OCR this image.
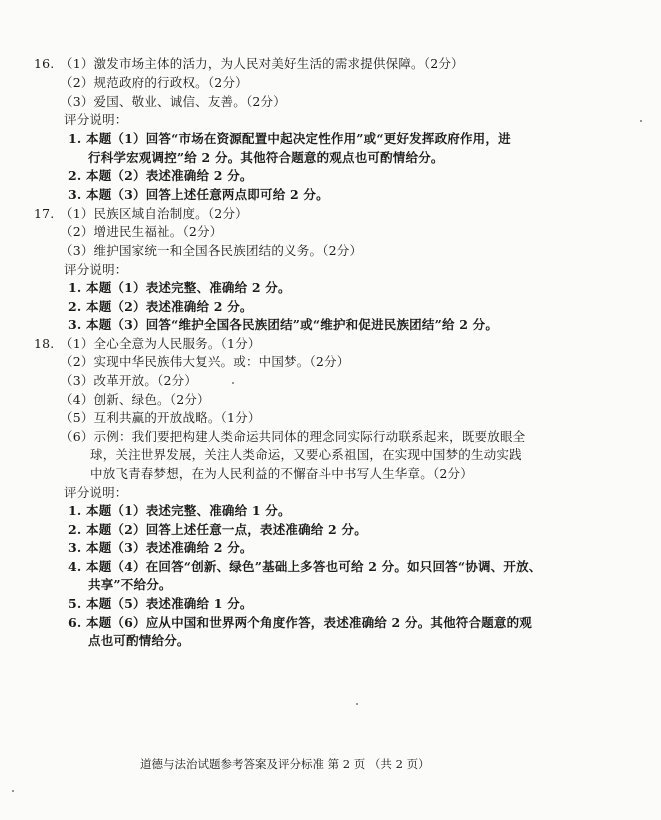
16. （1）激发市场主体的活力，为人民对美好生活的需求提供保障。（2分）
（2）规范政府的行政权。（2分）
（3）爱国、敬业、诚信、友善。（2分）
评分说明：
1. 本题（1）回答“市场在资源配置中起决定性作用”或“更好发挥政府作用，进
行科学宏观调控”给 2 分。其他符合题意的观点也可酌情给分。
2. 本题（2）表述准确给 2 分。
3. 本题（3）回答上述任意两点即可给 2 分。
17. （1）民族区域自治制度。（2分）
（2）增进民生福祉。（2分）
（3）维护国家统一和全国各民族团结的义务。（2分）
评分说明：
1. 本题（1）表述完整、准确给 2 分。
2. 本题（2）表述准确给 2 分。
3. 本题（3）回答“维护全国各民族团结”或“维护和促进民族团结”给 2 分。
18. （1）全心全意为人民服务。（1分）
（2）实现中华民族伟大复兴。或：中国梦。（2分）
（3）改革开放。（2分）
（4）创新、绿色。（2分）
（5）互利共赢的开放战略。（1分）
（6）示例：我们要把构建人类命运共同体的理念同实际行动联系起来，既要放眼全
球，关注世界发展，关注人类命运，又要心系祖国，在实现中国梦的生动实践
中放飞青春梦想，在为人民利益的不懈奋斗中书写人生华章。（2分）
评分说明：
1. 本题（1）表述完整、准确给 1 分。
2. 本题（2）回答上述任意一点，表述准确给 2 分。
3. 本题（3）表述准确给 2 分。
4. 本题（4）在回答“创新、绿色”基础上多答也可给 2 分。如只回答“协调、开放、
共享”不给分。
5. 本题（5）表述准确给 1 分。
6. 本题（6）应从中国和世界两个角度作答，表述准确给 2 分。其他符合题意的观
点也可酌情给分。
道德与法治试题参考答案及评分标准 第 2 页 （共 2 页）
